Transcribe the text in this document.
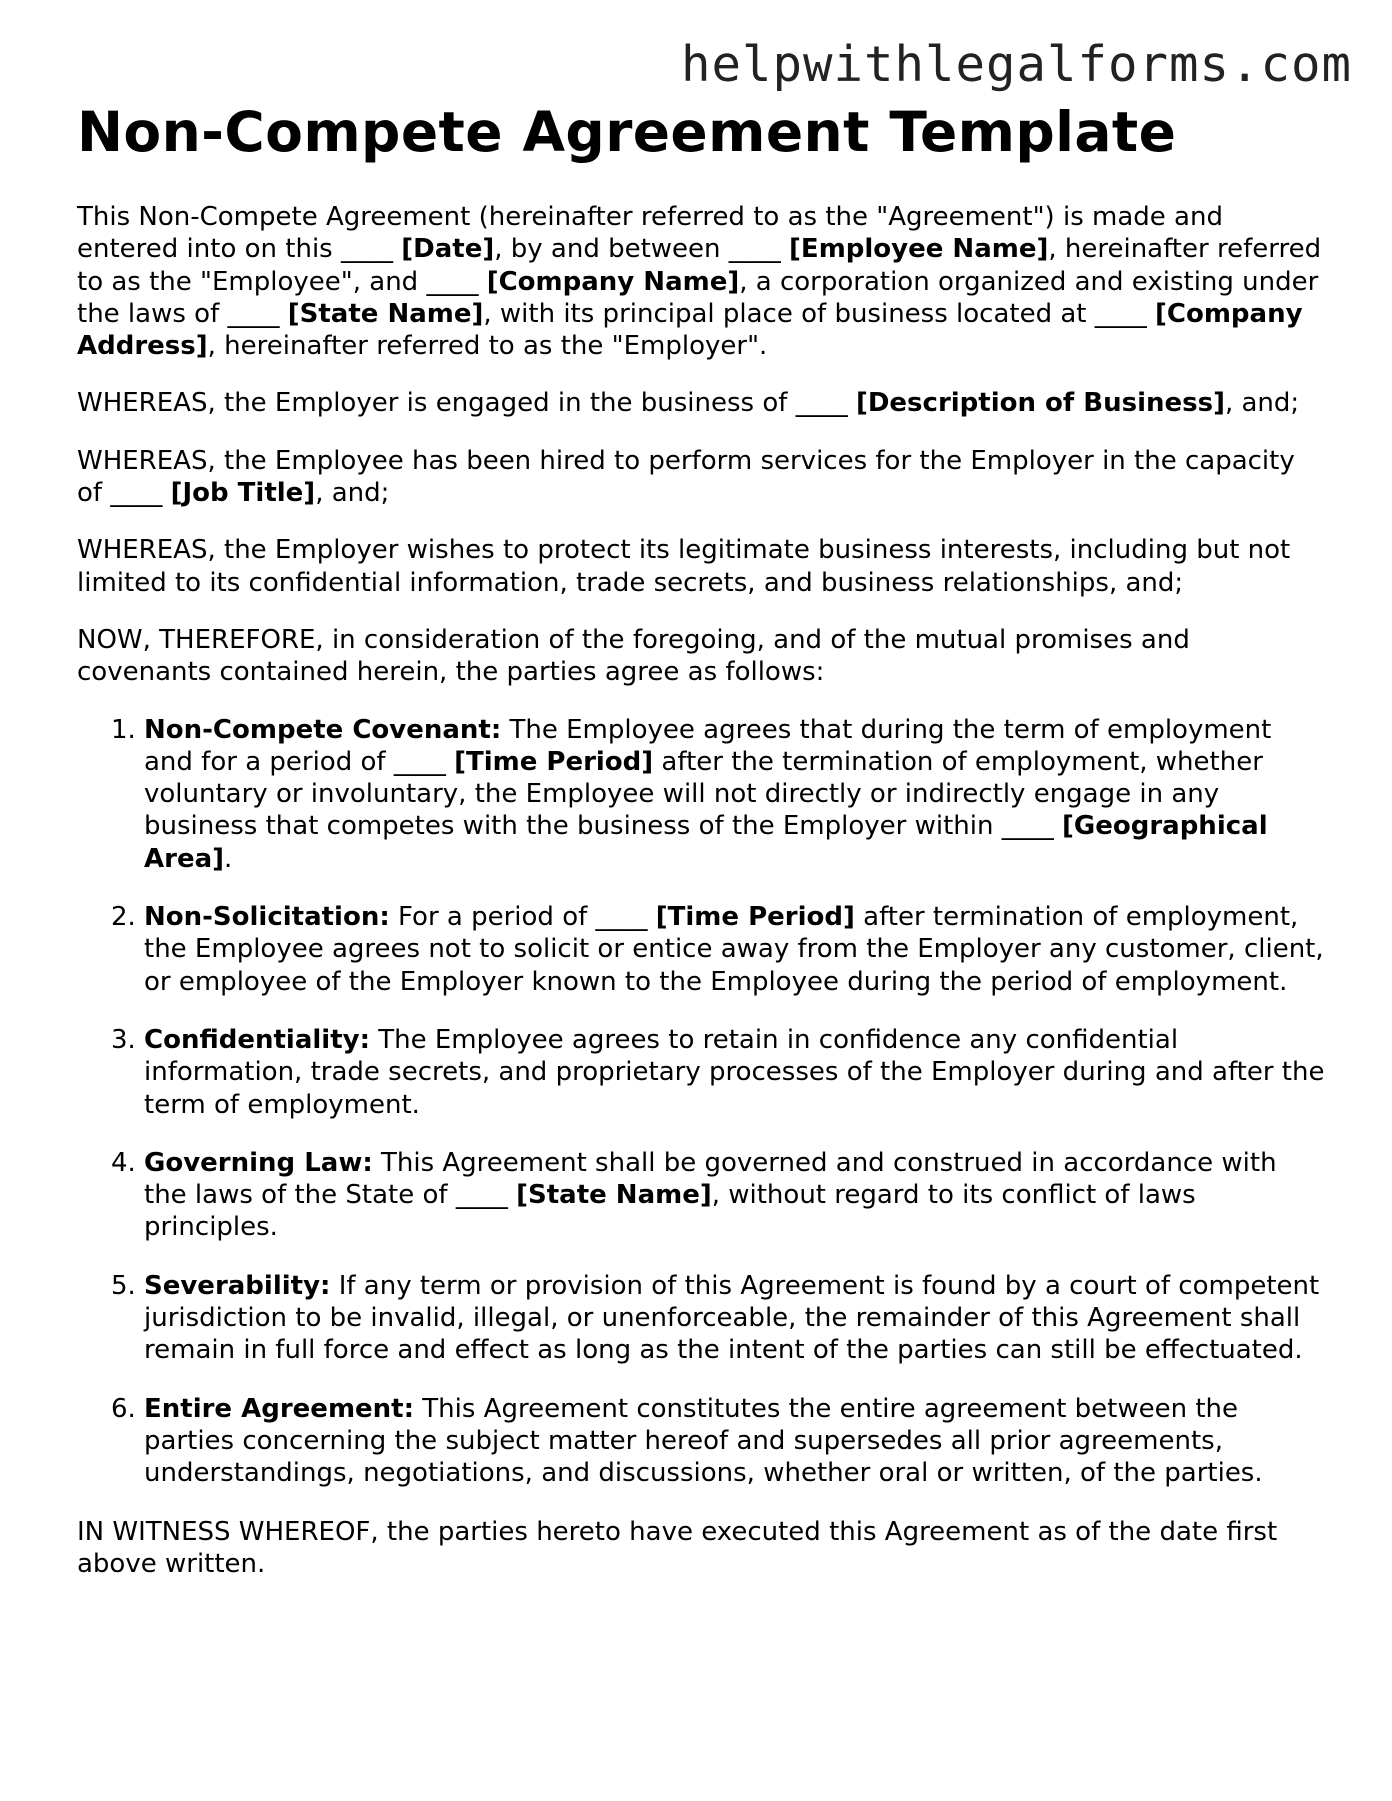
helpwithlegalforms.com
Non-Compete Agreement Template

This Non-Compete Agreement (hereinafter referred to as the "Agreement") is made and entered into on this ____ [Date], by and between ____ [Employee Name], hereinafter referred to as the "Employee", and ____ [Company Name], a corporation organized and existing under the laws of ____ [State Name], with its principal place of business located at ____ [Company Address], hereinafter referred to as the "Employer".

WHEREAS, the Employer is engaged in the business of ____ [Description of Business], and;

WHEREAS, the Employee has been hired to perform services for the Employer in the capacity of ____ [Job Title], and;

WHEREAS, the Employer wishes to protect its legitimate business interests, including but not limited to its confidential information, trade secrets, and business relationships, and;

NOW, THEREFORE, in consideration of the foregoing, and of the mutual promises and covenants contained herein, the parties agree as follows:

1. Non-Compete Covenant: The Employee agrees that during the term of employment and for a period of ____ [Time Period] after the termination of employment, whether voluntary or involuntary, the Employee will not directly or indirectly engage in any business that competes with the business of the Employer within ____ [Geographical Area].
2. Non-Solicitation: For a period of ____ [Time Period] after termination of employment, the Employee agrees not to solicit or entice away from the Employer any customer, client, or employee of the Employer known to the Employee during the period of employment.
3. Confidentiality: The Employee agrees to retain in confidence any confidential information, trade secrets, and proprietary processes of the Employer during and after the term of employment.
4. Governing Law: This Agreement shall be governed and construed in accordance with the laws of the State of ____ [State Name], without regard to its conflict of laws principles.
5. Severability: If any term or provision of this Agreement is found by a court of competent jurisdiction to be invalid, illegal, or unenforceable, the remainder of this Agreement shall remain in full force and effect as long as the intent of the parties can still be effectuated.
6. Entire Agreement: This Agreement constitutes the entire agreement between the parties concerning the subject matter hereof and supersedes all prior agreements, understandings, negotiations, and discussions, whether oral or written, of the parties.

IN WITNESS WHEREOF, the parties hereto have executed this Agreement as of the date first above written.
